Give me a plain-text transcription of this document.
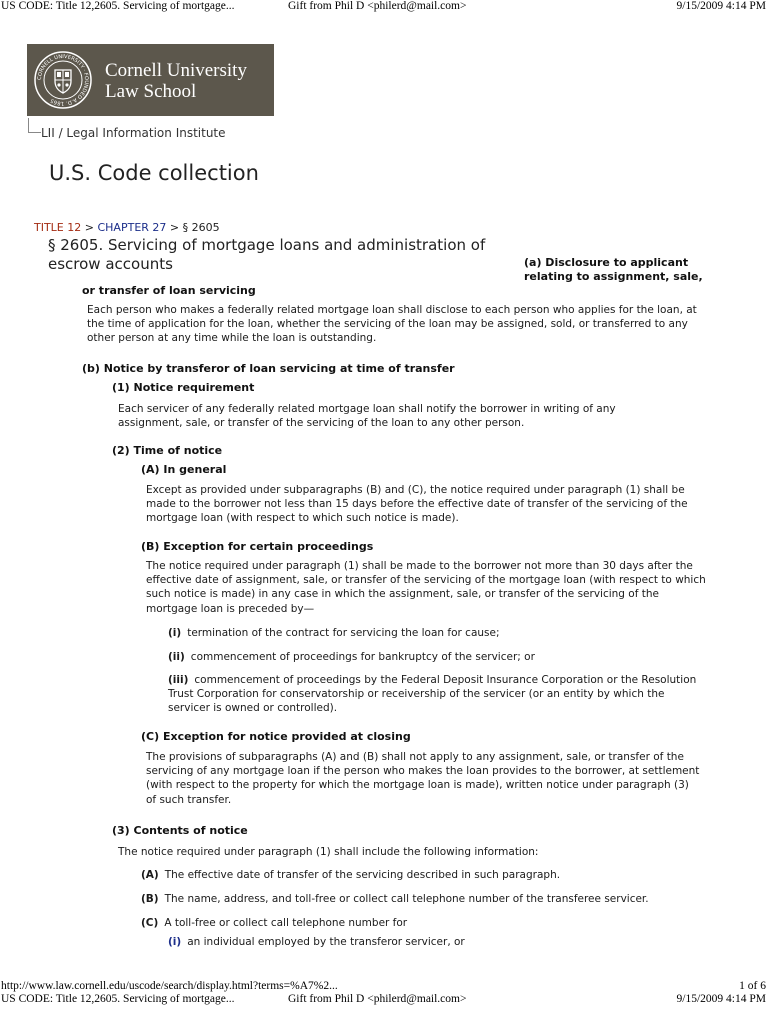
US CODE: Title 12,2605. Servicing of mortgage...	Gift from Phil D <philerd@mail.com>	9/15/2009 4:14 PM
CORNELL UNIVERSITY · FOUNDED A.D. 1865
Cornell University
Law School
LII / Legal Information Institute
U.S. Code collection
TITLE 12 > CHAPTER 27 > § 2605
§ 2605. Servicing of mortgage loans and administration of
escrow accounts	(a) Disclosure to applicant
relating to assignment, sale,
or transfer of loan servicing
Each person who makes a federally related mortgage loan shall disclose to each person who applies for the loan, at the time of application for the loan, whether the servicing of the loan may be assigned, sold, or transferred to any other person at any time while the loan is outstanding.
(b) Notice by transferor of loan servicing at time of transfer
(1) Notice requirement
Each servicer of any federally related mortgage loan shall notify the borrower in writing of any assignment, sale, or transfer of the servicing of the loan to any other person.
(2) Time of notice
(A) In general
Except as provided under subparagraphs (B) and (C), the notice required under paragraph (1) shall be made to the borrower not less than 15 days before the effective date of transfer of the servicing of the mortgage loan (with respect to which such notice is made).
(B) Exception for certain proceedings
The notice required under paragraph (1) shall be made to the borrower not more than 30 days after the effective date of assignment, sale, or transfer of the servicing of the mortgage loan (with respect to which such notice is made) in any case in which the assignment, sale, or transfer of the servicing of the mortgage loan is preceded by—
(i) termination of the contract for servicing the loan for cause;
(ii) commencement of proceedings for bankruptcy of the servicer; or
(iii) commencement of proceedings by the Federal Deposit Insurance Corporation or the Resolution Trust Corporation for conservatorship or receivership of the servicer (or an entity by which the servicer is owned or controlled).
(C) Exception for notice provided at closing
The provisions of subparagraphs (A) and (B) shall not apply to any assignment, sale, or transfer of the servicing of any mortgage loan if the person who makes the loan provides to the borrower, at settlement (with respect to the property for which the mortgage loan is made), written notice under paragraph (3) of such transfer.
(3) Contents of notice
The notice required under paragraph (1) shall include the following information:
(A) The effective date of transfer of the servicing described in such paragraph.
(B) The name, address, and toll-free or collect call telephone number of the transferee servicer.
(C) A toll-free or collect call telephone number for
(i) an individual employed by the transferor servicer, or
http://www.law.cornell.edu/uscode/search/display.html?terms=%A7%2...	1 of 6
US CODE: Title 12,2605. Servicing of mortgage...	Gift from Phil D <philerd@mail.com>	9/15/2009 4:14 PM
